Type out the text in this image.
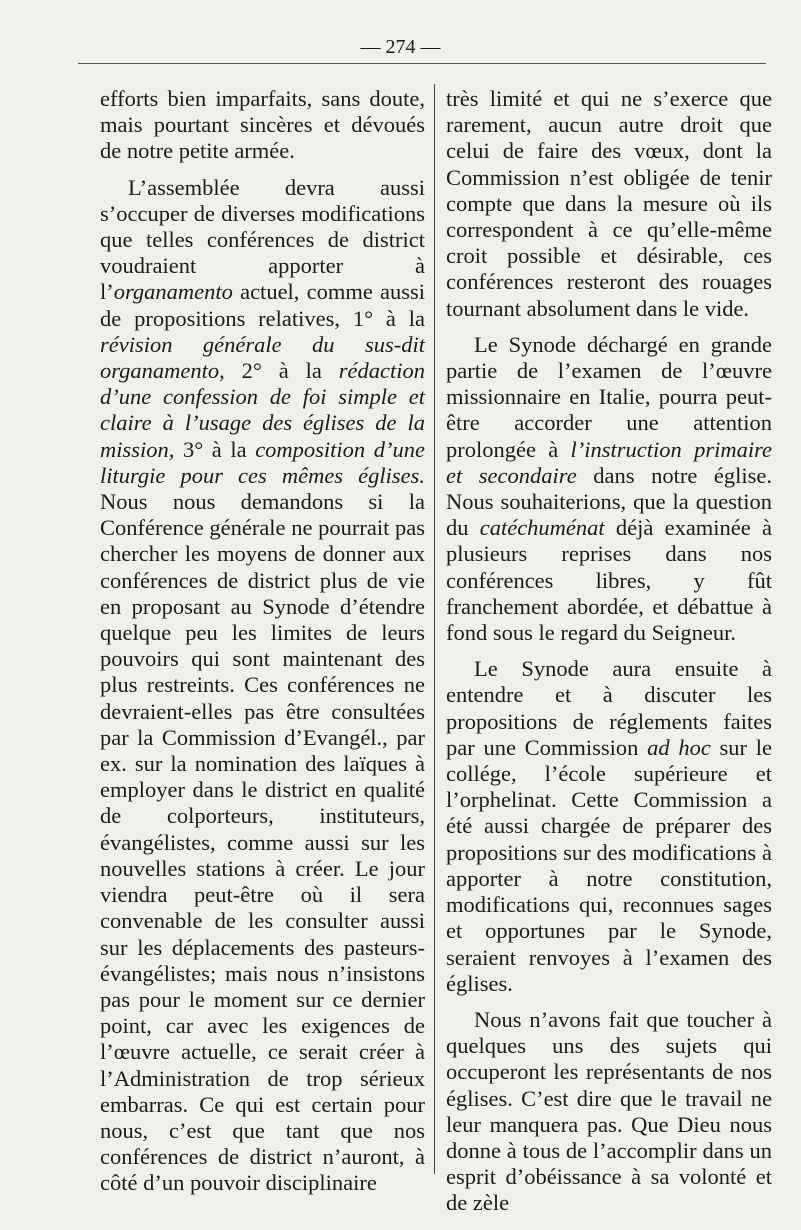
— 274 —

efforts bien imparfaits, sans doute, mais pourtant sincères et dévoués de notre petite armée.

L’assemblée devra aussi s’occuper de diverses modifications que telles conférences de district voudraient apporter à l’organamento actuel, comme aussi de propositions relatives, 1° à la révision générale du sus-dit organamento, 2° à la rédaction d’une confession de foi simple et claire à l’usage des églises de la mission, 3° à la composition d’une liturgie pour ces mêmes églises. Nous nous demandons si la Conférence générale ne pourrait pas chercher les moyens de donner aux conférences de district plus de vie en proposant au Synode d’étendre quelque peu les limites de leurs pouvoirs qui sont maintenant des plus restreints. Ces conférences ne devraient-elles pas être consultées par la Commission d’Evangél., par ex. sur la nomination des laïques à employer dans le district en qualité de colporteurs, instituteurs, évangélistes, comme aussi sur les nouvelles stations à créer. Le jour viendra peut-être où il sera convenable de les consulter aussi sur les déplacements des pasteurs-évangélistes; mais nous n’insistons pas pour le moment sur ce dernier point, car avec les exigences de l’œuvre actuelle, ce serait créer à l’Administration de trop sérieux embarras. Ce qui est certain pour nous, c’est que tant que nos conférences de district n’auront, à côté d’un pouvoir disciplinaire

très limité et qui ne s’exerce que rarement, aucun autre droit que celui de faire des vœux, dont la Commission n’est obligée de tenir compte que dans la mesure où ils correspondent à ce qu’elle-même croit possible et désirable, ces conférences resteront des rouages tournant absolument dans le vide.

Le Synode déchargé en grande partie de l’examen de l’œuvre missionnaire en Italie, pourra peut-être accorder une attention prolongée à l’instruction primaire et secondaire dans notre église. Nous souhaiterions, que la question du catéchuménat déjà examinée à plusieurs reprises dans nos conférences libres, y fût franchement abordée, et débattue à fond sous le regard du Seigneur.

Le Synode aura ensuite à entendre et à discuter les propositions de réglements faites par une Commission ad hoc sur le collége, l’école supérieure et l’orphelinat. Cette Commission a été aussi chargée de préparer des propositions sur des modifications à apporter à notre constitution, modifications qui, reconnues sages et opportunes par le Synode, seraient renvoyes à l’examen des églises.

Nous n’avons fait que toucher à quelques uns des sujets qui occuperont les représentants de nos églises. C’est dire que le travail ne leur manquera pas. Que Dieu nous donne à tous de l’accomplir dans un esprit d’obéissance à sa volonté et de zèle
